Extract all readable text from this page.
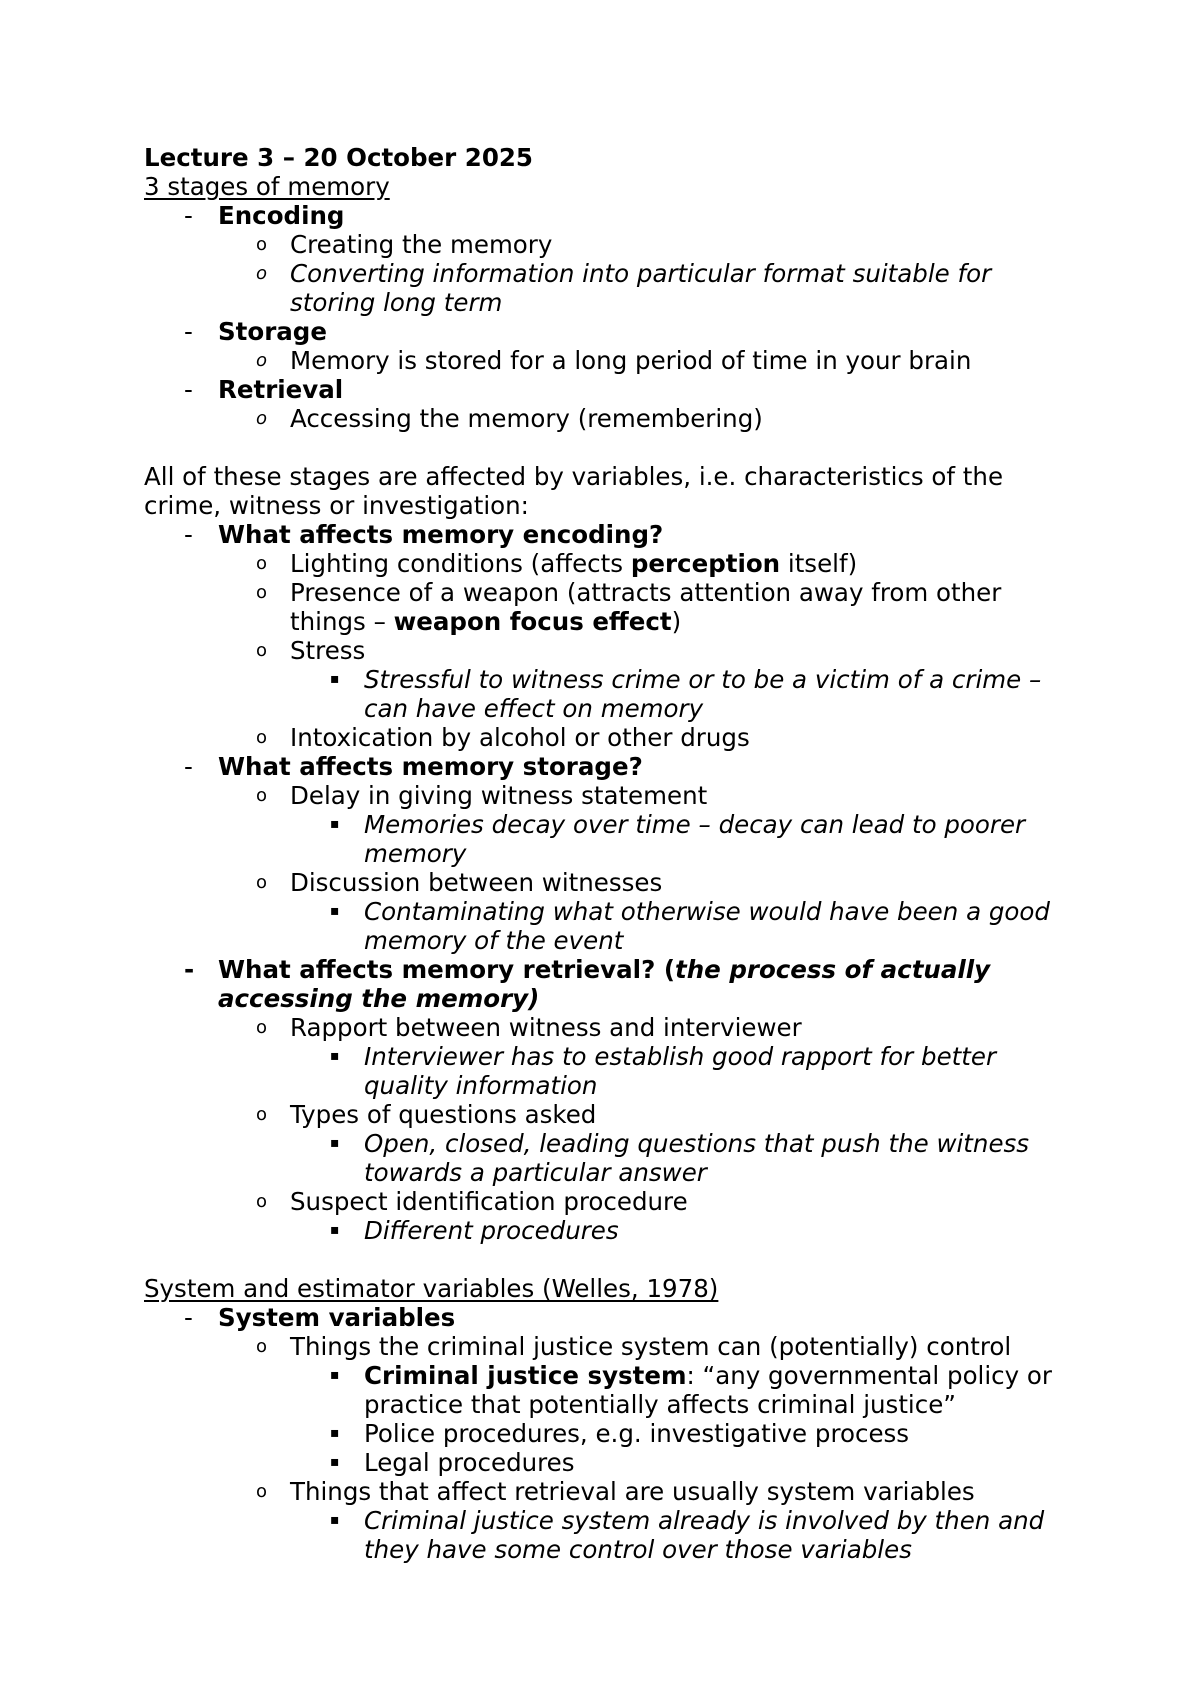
Lecture 3 – 20 October 2025
3 stages of memory
- Encoding
o Creating the memory
o Converting information into particular format suitable for
storing long term
- Storage
o Memory is stored for a long period of time in your brain
- Retrieval
o Accessing the memory (remembering)
All of these stages are affected by variables, i.e. characteristics of the
crime, witness or investigation:
- What affects memory encoding?
o Lighting conditions (affects perception itself)
o Presence of a weapon (attracts attention away from other
things – weapon focus effect)
o Stress
▪ Stressful to witness crime or to be a victim of a crime –
can have effect on memory
o Intoxication by alcohol or other drugs
- What affects memory storage?
o Delay in giving witness statement
▪ Memories decay over time – decay can lead to poorer
memory
o Discussion between witnesses
▪ Contaminating what otherwise would have been a good
memory of the event
- What affects memory retrieval? (the process of actually
accessing the memory)
o Rapport between witness and interviewer
▪ Interviewer has to establish good rapport for better
quality information
o Types of questions asked
▪ Open, closed, leading questions that push the witness
towards a particular answer
o Suspect identification procedure
▪ Different procedures
System and estimator variables (Welles, 1978)
- System variables
o Things the criminal justice system can (potentially) control
▪ Criminal justice system: “any governmental policy or
practice that potentially affects criminal justice”
▪ Police procedures, e.g. investigative process
▪ Legal procedures
o Things that affect retrieval are usually system variables
▪ Criminal justice system already is involved by then and
they have some control over those variables
